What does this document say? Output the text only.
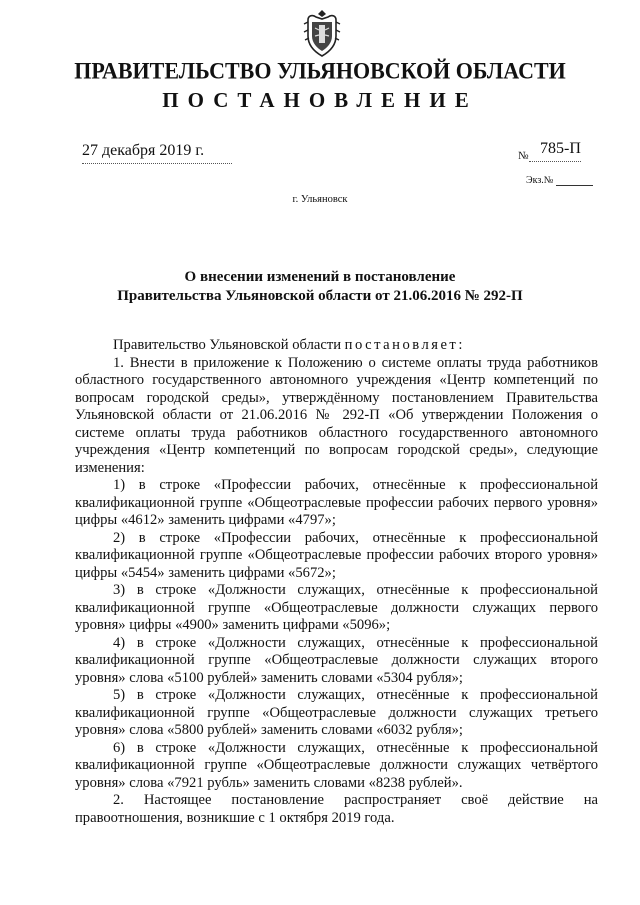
ПРАВИТЕЛЬСТВО УЛЬЯНОВСКОЙ ОБЛАСТИ
ПОСТАНОВЛЕНИЕ
27 декабря 2019 г.	№ 785-П
Экз.№
г. Ульяновск
О внесении изменений в постановление
Правительства Ульяновской области от 21.06.2016 № 292-П

Правительство Ульяновской области постановляет:

1. Внести в приложение к Положению о системе оплаты труда работников областного государственного автономного учреждения «Центр компетенций по вопросам городской среды», утверждённому постановлением Правительства Ульяновской области от 21.06.2016 № 292-П «Об утверждении Положения о системе оплаты труда работников областного государственного автономного учреждения «Центр компетенций по вопросам городской среды», следующие изменения:

1) в строке «Профессии рабочих, отнесённые к профессиональной квалификационной группе «Общеотраслевые профессии рабочих первого уровня» цифры «4612» заменить цифрами «4797»;

2) в строке «Профессии рабочих, отнесённые к профессиональной квалификационной группе «Общеотраслевые профессии рабочих второго уровня» цифры «5454» заменить цифрами «5672»;

3) в строке «Должности служащих, отнесённые к профессиональной квалификационной группе «Общеотраслевые должности служащих первого уровня» цифры «4900» заменить цифрами «5096»;

4) в строке «Должности служащих, отнесённые к профессиональной квалификационной группе «Общеотраслевые должности служащих второго уровня» слова «5100 рублей» заменить словами «5304 рубля»;

5) в строке «Должности служащих, отнесённые к профессиональной квалификационной группе «Общеотраслевые должности служащих третьего уровня» слова «5800 рублей» заменить словами «6032 рубля»;

6) в строке «Должности служащих, отнесённые к профессиональной квалификационной группе «Общеотраслевые должности служащих четвёртого уровня» слова «7921 рубль» заменить словами «8238 рублей».

2. Настоящее постановление распространяет своё действие на правоотношения, возникшие с 1 октября 2019 года.
